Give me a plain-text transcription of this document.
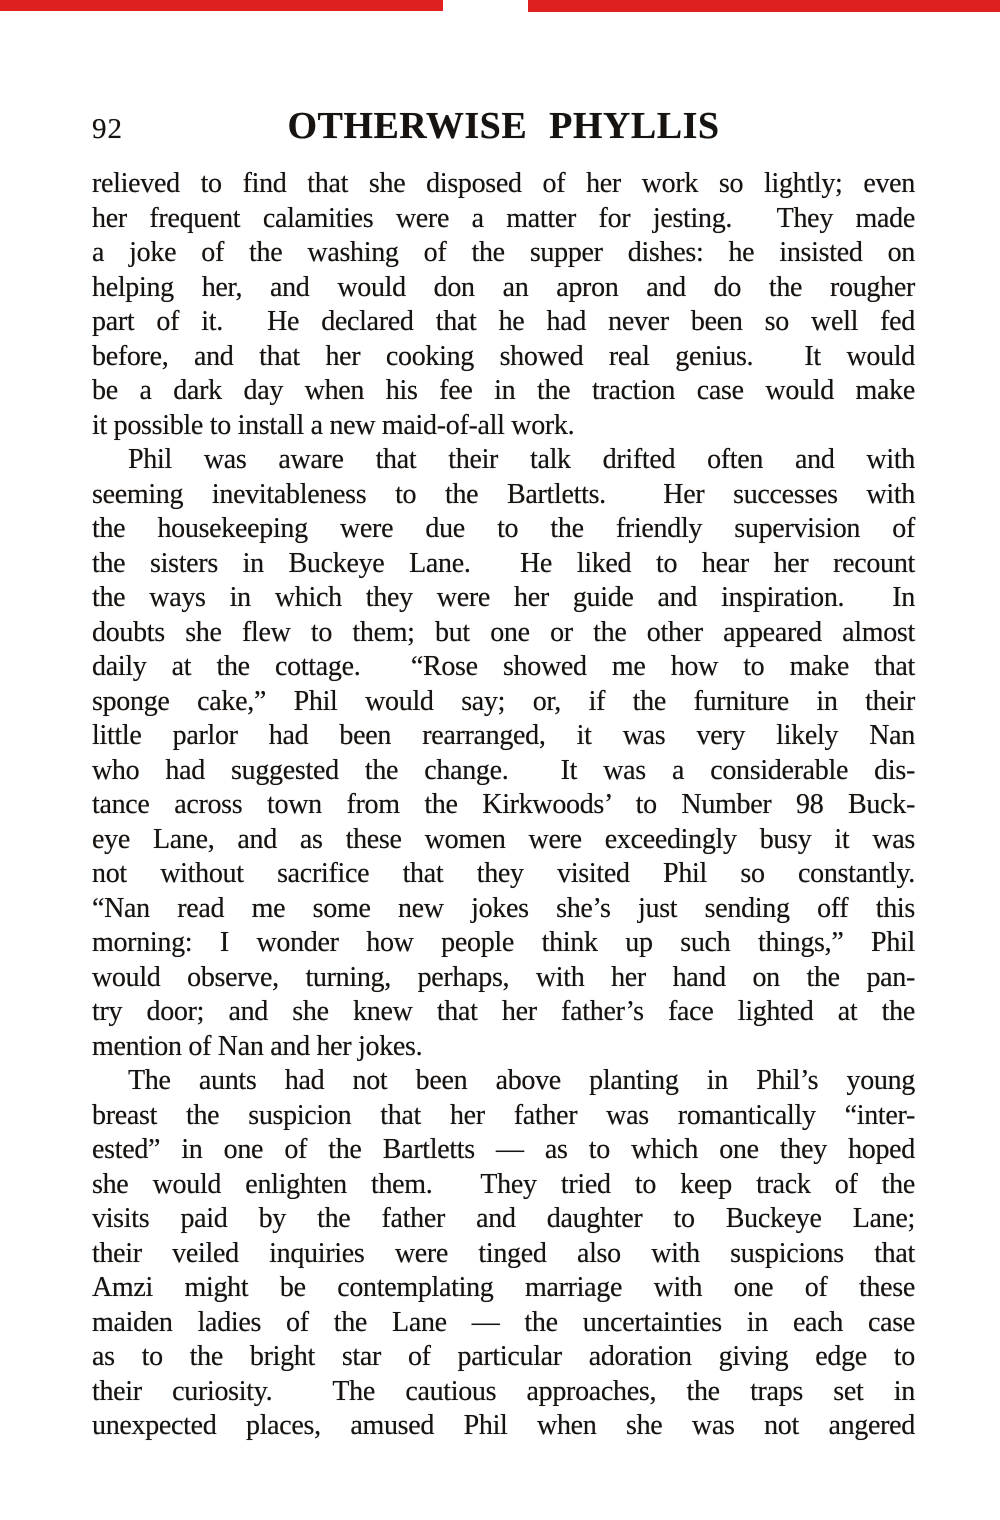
92	OTHERWISE PHYLLIS
relieved to find that she disposed of her work so lightly; even
her frequent calamities were a matter for jesting.  They made
a joke of the washing of the supper dishes: he insisted on
helping her, and would don an apron and do the rougher
part of it.  He declared that he had never been so well fed
before, and that her cooking showed real genius.  It would
be a dark day when his fee in the traction case would make
it possible to install a new maid-of-all work.
Phil was aware that their talk drifted often and with
seeming inevitableness to the Bartletts.  Her successes with
the housekeeping were due to the friendly supervision of
the sisters in Buckeye Lane.  He liked to hear her recount
the ways in which they were her guide and inspiration.  In
doubts she flew to them; but one or the other appeared almost
daily at the cottage.  “Rose showed me how to make that
sponge cake,” Phil would say; or, if the furniture in their
little parlor had been rearranged, it was very likely Nan
who had suggested the change.  It was a considerable dis-
tance across town from the Kirkwoods’ to Number 98 Buck-
eye Lane, and as these women were exceedingly busy it was
not without sacrifice that they visited Phil so constantly.
“Nan read me some new jokes she’s just sending off this
morning: I wonder how people think up such things,” Phil
would observe, turning, perhaps, with her hand on the pan-
try door; and she knew that her father’s face lighted at the
mention of Nan and her jokes.
The aunts had not been above planting in Phil’s young
breast the suspicion that her father was romantically “inter-
ested” in one of the Bartletts — as to which one they hoped
she would enlighten them.  They tried to keep track of the
visits paid by the father and daughter to Buckeye Lane;
their veiled inquiries were tinged also with suspicions that
Amzi might be contemplating marriage with one of these
maiden ladies of the Lane — the uncertainties in each case
as to the bright star of particular adoration giving edge to
their curiosity.  The cautious approaches, the traps set in
unexpected places, amused Phil when she was not angered
